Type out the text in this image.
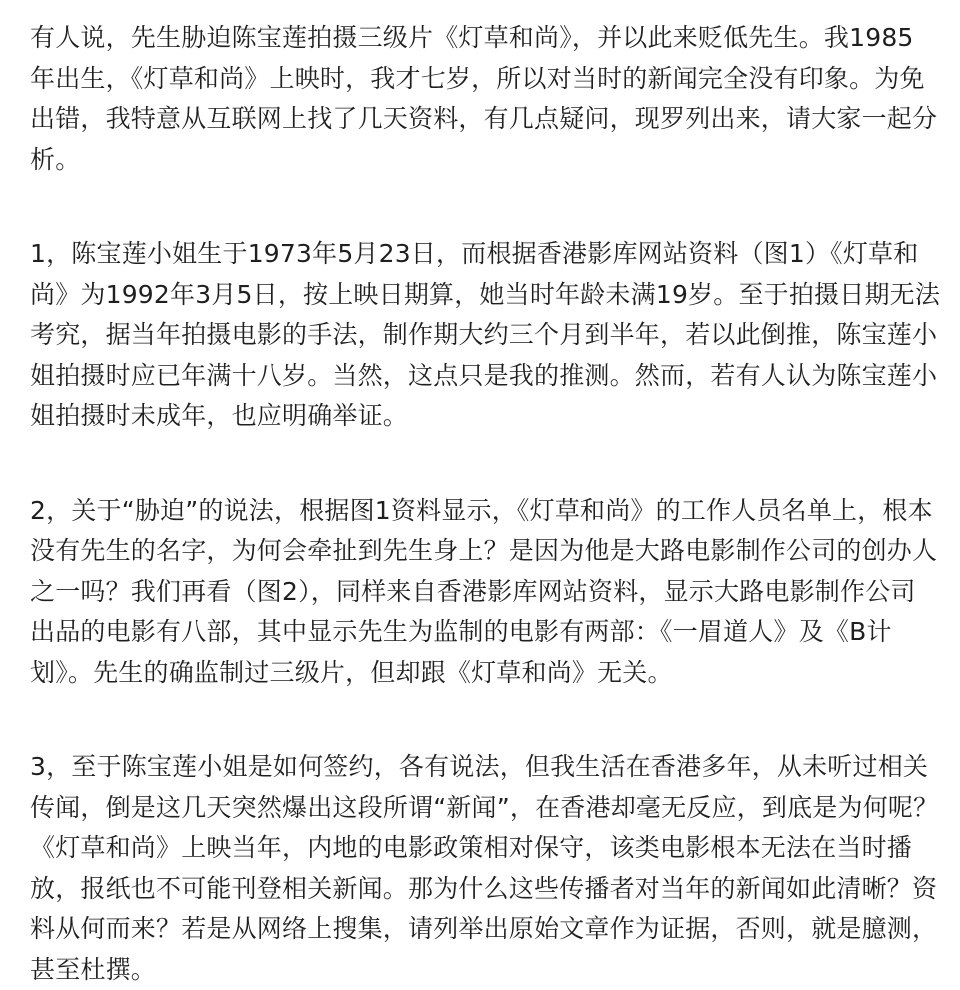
有人说，先生胁迫陈宝莲拍摄三级片《灯草和尚》，并以此来贬低先生。我1985
年出生，《灯草和尚》上映时，我才七岁，所以对当时的新闻完全没有印象。为免
出错，我特意从互联网上找了几天资料，有几点疑问，现罗列出来，请大家一起分
析。
1，陈宝莲小姐生于1973年5月23日，而根据香港影库网站资料（图1）《灯草和
尚》为1992年3月5日，按上映日期算，她当时年龄未满19岁。至于拍摄日期无法
考究，据当年拍摄电影的手法，制作期大约三个月到半年，若以此倒推，陈宝莲小
姐拍摄时应已年满十八岁。当然，这点只是我的推测。然而，若有人认为陈宝莲小
姐拍摄时未成年，也应明确举证。
2，关于“胁迫”的说法，根据图1资料显示，《灯草和尚》的工作人员名单上，根本
没有先生的名字，为何会牵扯到先生身上？是因为他是大路电影制作公司的创办人
之一吗？我们再看（图2），同样来自香港影库网站资料，显示大路电影制作公司
出品的电影有八部，其中显示先生为监制的电影有两部：《一眉道人》及《B计
划》。先生的确监制过三级片，但却跟《灯草和尚》无关。
3，至于陈宝莲小姐是如何签约，各有说法，但我生活在香港多年，从未听过相关
传闻，倒是这几天突然爆出这段所谓“新闻”，在香港却毫无反应，到底是为何呢？
《灯草和尚》上映当年，内地的电影政策相对保守，该类电影根本无法在当时播
放，报纸也不可能刊登相关新闻。那为什么这些传播者对当年的新闻如此清晰？资
料从何而来？若是从网络上搜集，请列举出原始文章作为证据，否则，就是臆测，
甚至杜撰。
